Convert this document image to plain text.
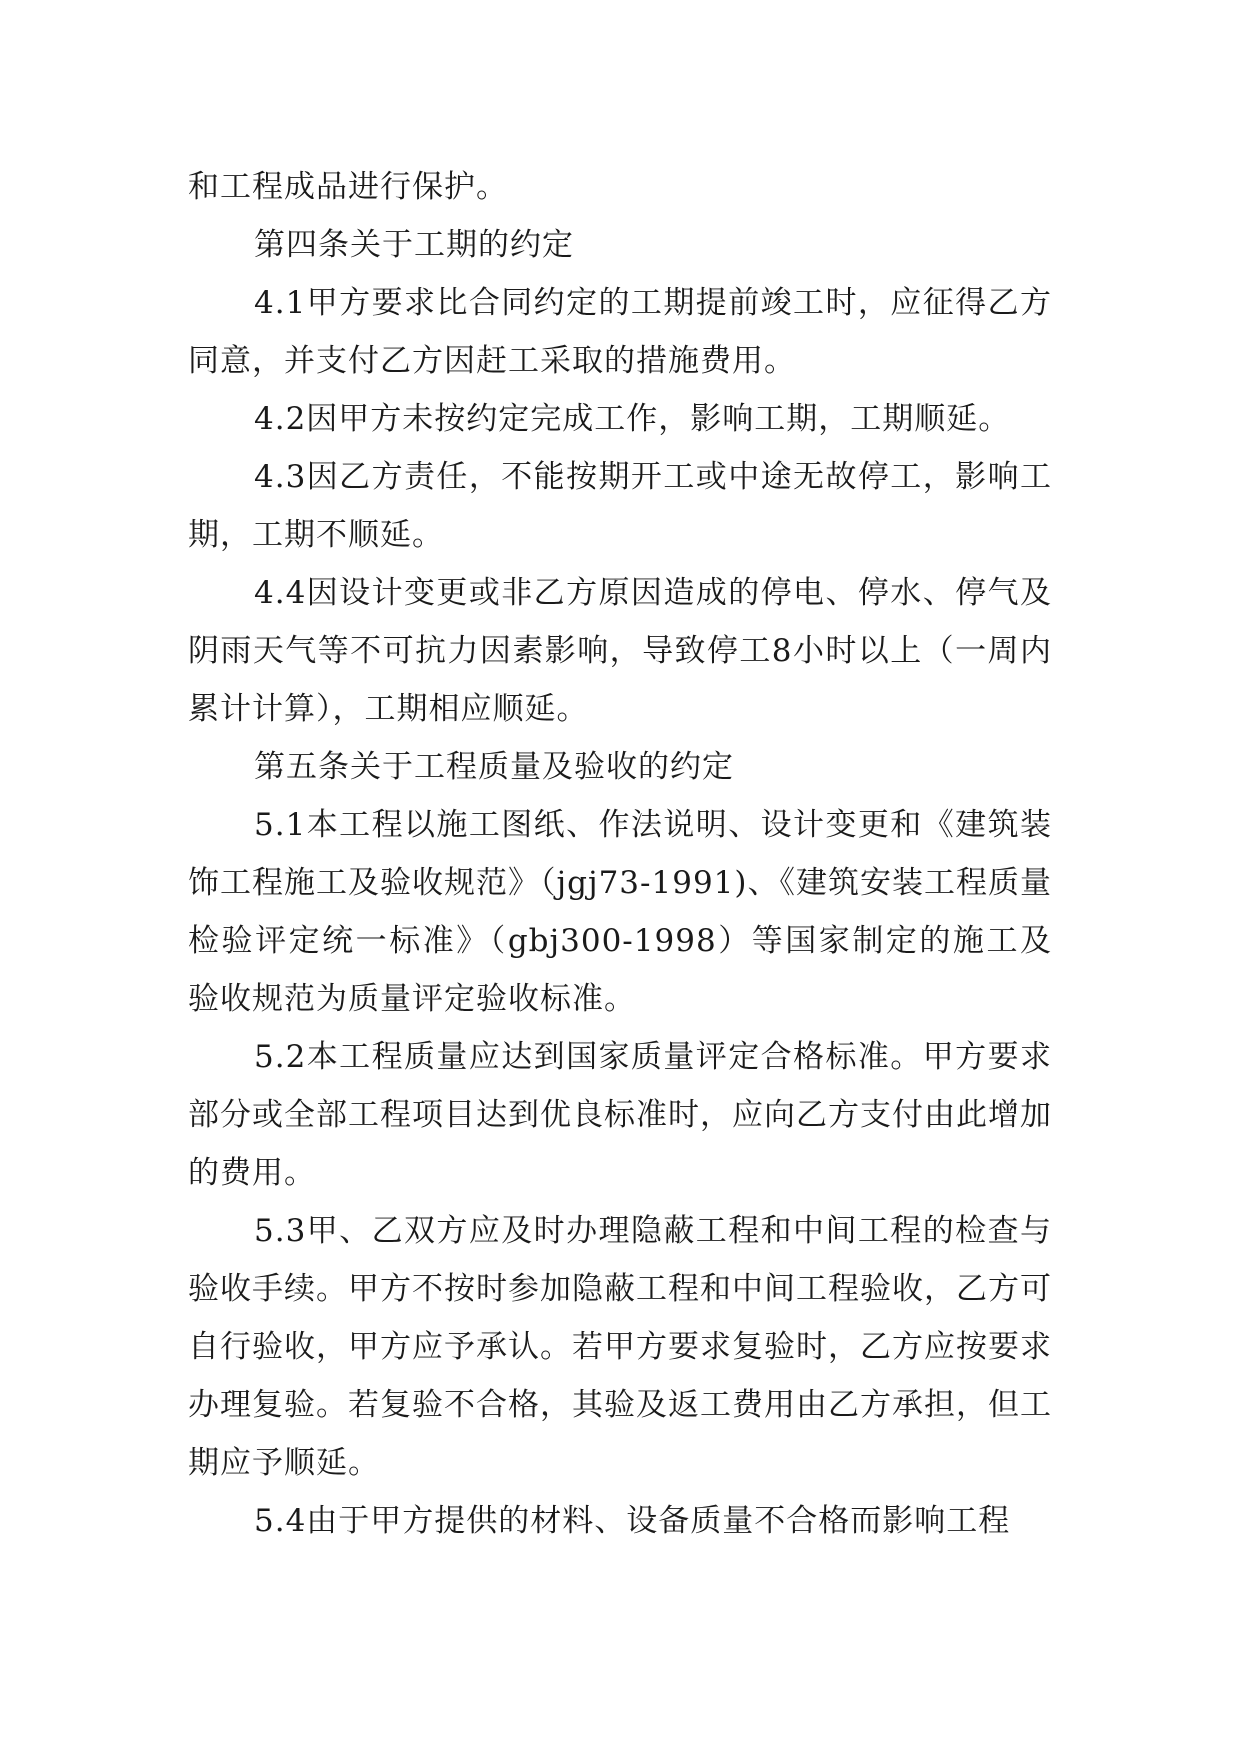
和工程成品进行保护。

第四条关于工期的约定

4.1甲方要求比合同约定的工期提前竣工时，应征得乙方同意，并支付乙方因赶工采取的措施费用。

4.2因甲方未按约定完成工作，影响工期，工期顺延。

4.3因乙方责任，不能按期开工或中途无故停工，影响工期，工期不顺延。

4.4因设计变更或非乙方原因造成的停电、停水、停气及阴雨天气等不可抗力因素影响，导致停工8小时以上（一周内累计计算），工期相应顺延。

第五条关于工程质量及验收的约定

5.1本工程以施工图纸、作法说明、设计变更和《建筑装饰工程施工及验收规范》（jgj73-1991)、《建筑安装工程质量检验评定统一标准》（gbj300-1998）等国家制定的施工及验收规范为质量评定验收标准。

5.2本工程质量应达到国家质量评定合格标准。甲方要求部分或全部工程项目达到优良标准时，应向乙方支付由此增加的费用。

5.3甲、乙双方应及时办理隐蔽工程和中间工程的检查与验收手续。甲方不按时参加隐蔽工程和中间工程验收，乙方可自行验收，甲方应予承认。若甲方要求复验时，乙方应按要求办理复验。若复验不合格，其验及返工费用由乙方承担，但工期应予顺延。

5.4由于甲方提供的材料、设备质量不合格而影响工程
